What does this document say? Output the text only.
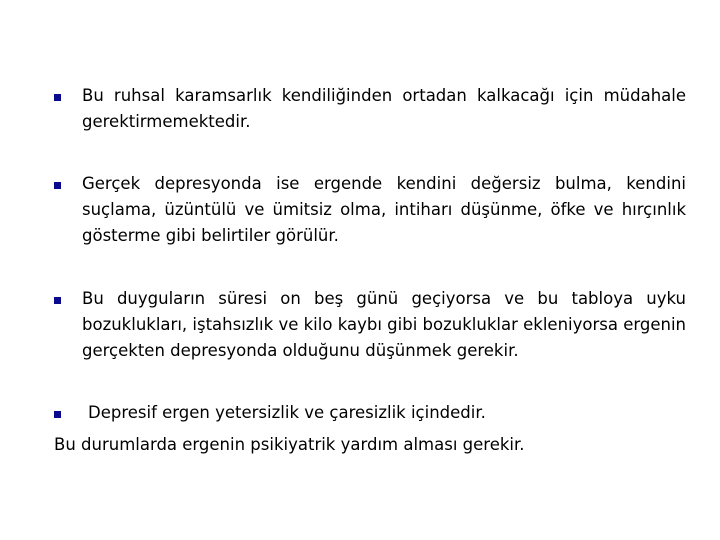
Bu ruhsal karamsarlık kendiliğinden ortadan kalkacağı için müdahale gerektirmemektedir.
Gerçek depresyonda ise ergende kendini değersiz bulma, kendini suçlama, üzüntülü ve ümitsiz olma, intiharı düşünme, öfke ve hırçınlık gösterme gibi belirtiler görülür.
Bu duyguların süresi on beş günü geçiyorsa ve bu tabloya uyku bozuklukları, iştahsızlık ve kilo kaybı gibi bozukluklar ekleniyorsa ergenin gerçekten depresyonda olduğunu düşünmek gerekir.
Depresif ergen yetersizlik ve çaresizlik içindedir.
Bu durumlarda ergenin psikiyatrik yardım alması gerekir.
